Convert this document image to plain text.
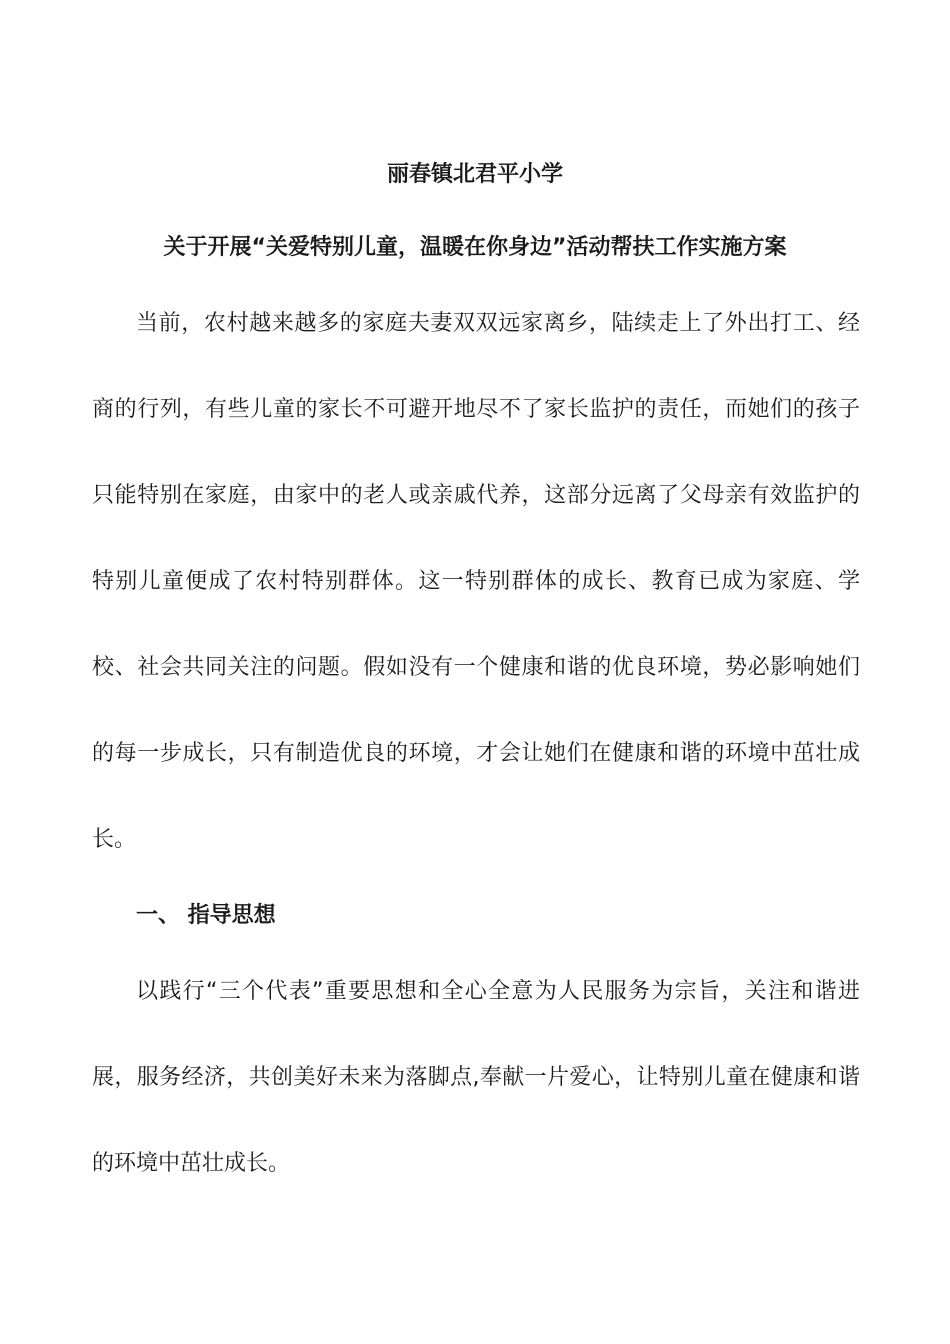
丽春镇北君平小学
关于开展“关爱特别儿童，温暖在你身边”活动帮扶工作实施方案

当前，农村越来越多的家庭夫妻双双远家离乡，陆续走上了外出打工、经商的行列，有些儿童的家长不可避开地尽不了家长监护的责任，而她们的孩子只能特别在家庭，由家中的老人或亲戚代养，这部分远离了父母亲有效监护的特别儿童便成了农村特别群体。这一特别群体的成长、教育已成为家庭、学校、社会共同关注的问题。假如没有一个健康和谐的优良环境，势必影响她们的每一步成长，只有制造优良的环境，才会让她们在健康和谐的环境中茁壮成长。

一、 指导思想

以践行“三个代表”重要思想和全心全意为人民服务为宗旨，关注和谐进展，服务经济，共创美好未来为落脚点,奉献一片爱心，让特别儿童在健康和谐的环境中茁壮成长。
